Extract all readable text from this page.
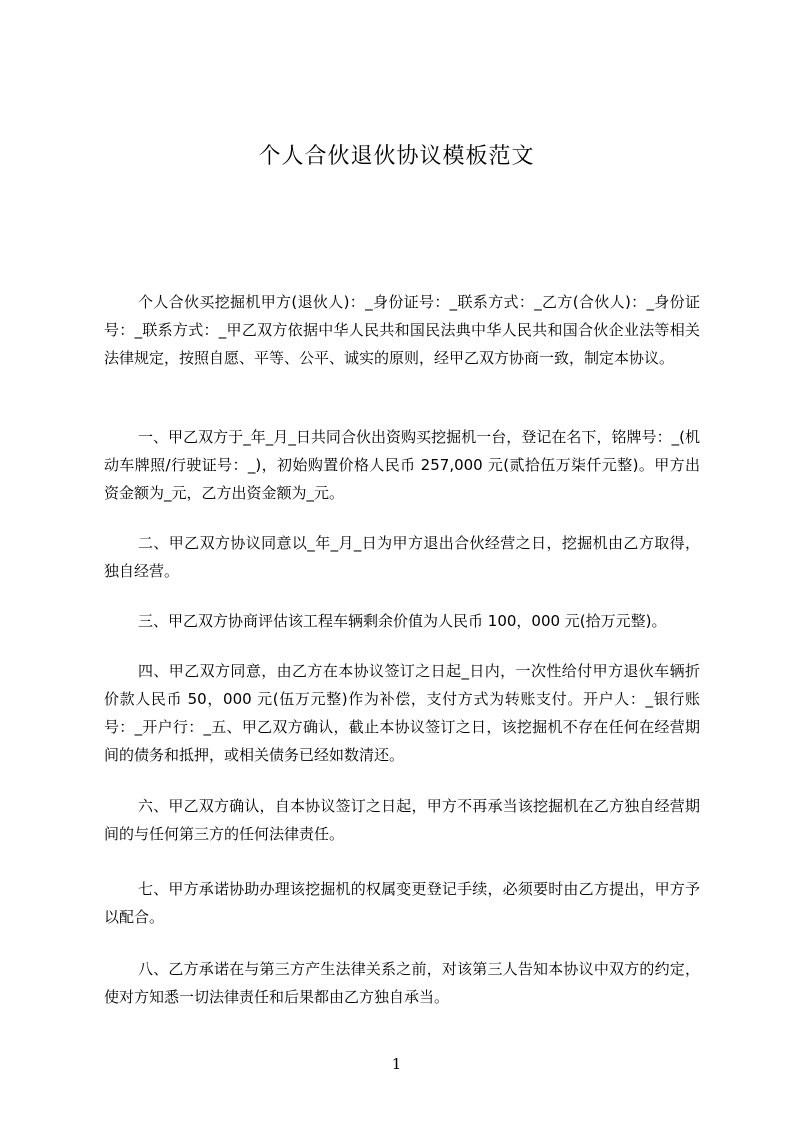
个人合伙退伙协议模板范文

个人合伙买挖掘机甲方(退伙人)：_身份证号：_联系方式：_乙方(合伙人)：_身份证号：_联系方式：_甲乙双方依据中华人民共和国民法典中华人民共和国合伙企业法等相关法律规定，按照自愿、平等、公平、诚实的原则，经甲乙双方协商一致，制定本协议。

一、甲乙双方于_年_月_日共同合伙出资购买挖掘机一台，登记在名下，铭牌号：_(机动车牌照/行驶证号：_)，初始购置价格人民币 257,000 元(贰拾伍万柒仟元整)。甲方出资金额为_元，乙方出资金额为_元。

二、甲乙双方协议同意以_年_月_日为甲方退出合伙经营之日，挖掘机由乙方取得，独自经营。

三、甲乙双方协商评估该工程车辆剩余价值为人民币 100，000 元(拾万元整)。

四、甲乙双方同意，由乙方在本协议签订之日起_日内，一次性给付甲方退伙车辆折价款人民币 50，000 元(伍万元整)作为补偿，支付方式为转账支付。开户人：_银行账号：_开户行：_五、甲乙双方确认，截止本协议签订之日，该挖掘机不存在任何在经营期间的债务和抵押，或相关债务已经如数清还。

六、甲乙双方确认，自本协议签订之日起，甲方不再承当该挖掘机在乙方独自经营期间的与任何第三方的任何法律责任。

七、甲方承诺协助办理该挖掘机的权属变更登记手续，必须要时由乙方提出，甲方予以配合。

八、乙方承诺在与第三方产生法律关系之前，对该第三人告知本协议中双方的约定，使对方知悉一切法律责任和后果都由乙方独自承当。

1
